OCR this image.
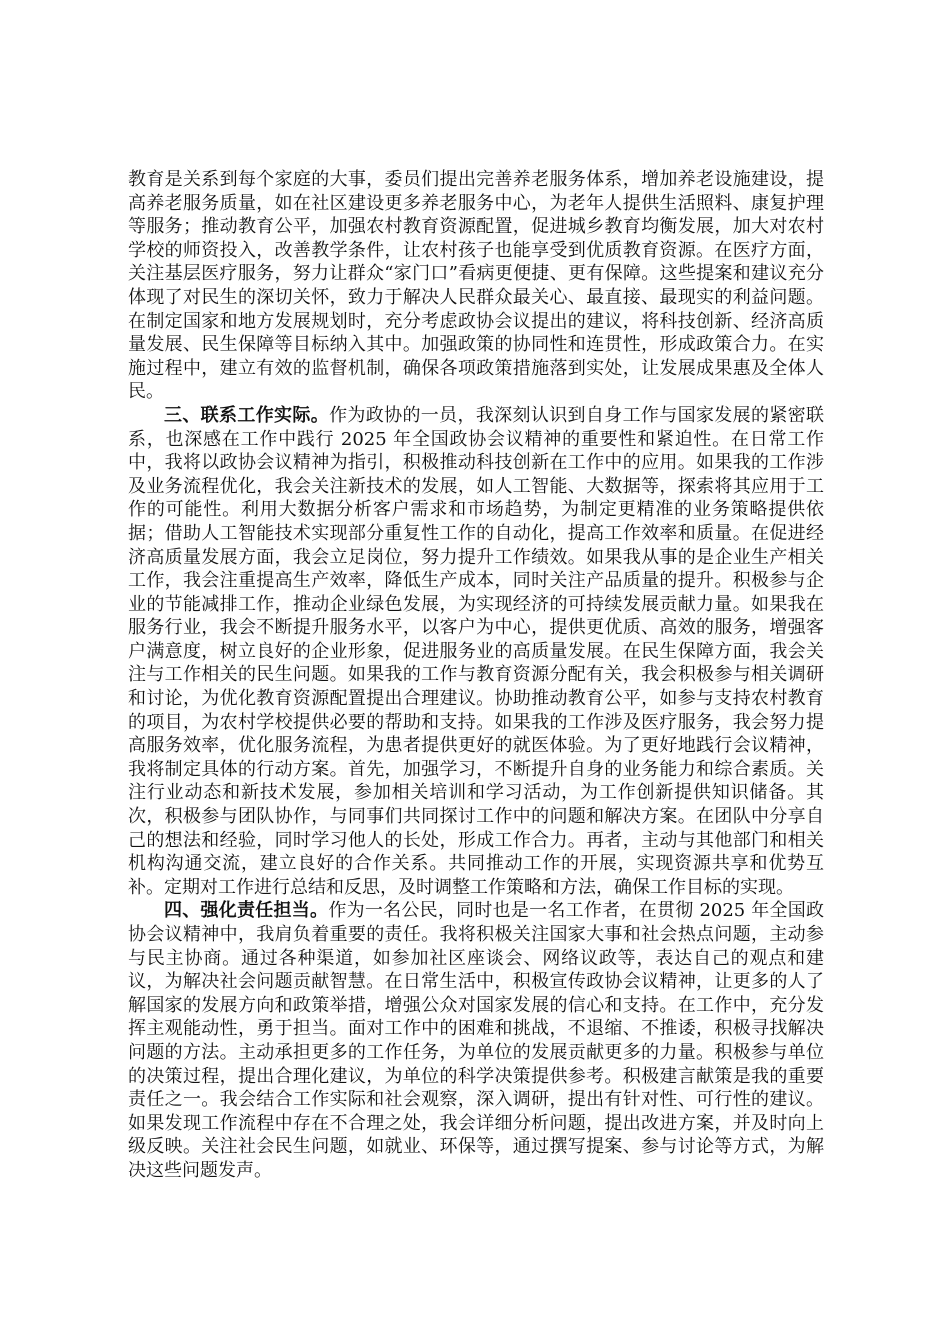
教育是关系到每个家庭的大事，委员们提出完善养老服务体系，增加养老设施建设，提高养老服务质量，如在社区建设更多养老服务中心，为老年人提供生活照料、康复护理等服务；推动教育公平，加强农村教育资源配置，促进城乡教育均衡发展，加大对农村学校的师资投入，改善教学条件，让农村孩子也能享受到优质教育资源。在医疗方面，关注基层医疗服务，努力让群众“家门口”看病更便捷、更有保障。这些提案和建议充分体现了对民生的深切关怀，致力于解决人民群众最关心、最直接、最现实的利益问题。在制定国家和地方发展规划时，充分考虑政协会议提出的建议，将科技创新、经济高质量发展、民生保障等目标纳入其中。加强政策的协同性和连贯性，形成政策合力。在实施过程中，建立有效的监督机制，确保各项政策措施落到实处，让发展成果惠及全体人民。

三、联系工作实际。作为政协的一员，我深刻认识到自身工作与国家发展的紧密联系，也深感在工作中践行 2025 年全国政协会议精神的重要性和紧迫性。在日常工作中，我将以政协会议精神为指引，积极推动科技创新在工作中的应用。如果我的工作涉及业务流程优化，我会关注新技术的发展，如人工智能、大数据等，探索将其应用于工作的可能性。利用大数据分析客户需求和市场趋势，为制定更精准的业务策略提供依据；借助人工智能技术实现部分重复性工作的自动化，提高工作效率和质量。在促进经济高质量发展方面，我会立足岗位，努力提升工作绩效。如果我从事的是企业生产相关工作，我会注重提高生产效率，降低生产成本，同时关注产品质量的提升。积极参与企业的节能减排工作，推动企业绿色发展，为实现经济的可持续发展贡献力量。如果我在服务行业，我会不断提升服务水平，以客户为中心，提供更优质、高效的服务，增强客户满意度，树立良好的企业形象，促进服务业的高质量发展。在民生保障方面，我会关注与工作相关的民生问题。如果我的工作与教育资源分配有关，我会积极参与相关调研和讨论，为优化教育资源配置提出合理建议。协助推动教育公平，如参与支持农村教育的项目，为农村学校提供必要的帮助和支持。如果我的工作涉及医疗服务，我会努力提高服务效率，优化服务流程，为患者提供更好的就医体验。为了更好地践行会议精神，我将制定具体的行动方案。首先，加强学习，不断提升自身的业务能力和综合素质。关注行业动态和新技术发展，参加相关培训和学习活动，为工作创新提供知识储备。其次，积极参与团队协作，与同事们共同探讨工作中的问题和解决方案。在团队中分享自己的想法和经验，同时学习他人的长处，形成工作合力。再者，主动与其他部门和相关机构沟通交流，建立良好的合作关系。共同推动工作的开展，实现资源共享和优势互补。定期对工作进行总结和反思，及时调整工作策略和方法，确保工作目标的实现。

四、强化责任担当。作为一名公民，同时也是一名工作者，在贯彻 2025 年全国政协会议精神中，我肩负着重要的责任。我将积极关注国家大事和社会热点问题，主动参与民主协商。通过各种渠道，如参加社区座谈会、网络议政等，表达自己的观点和建议，为解决社会问题贡献智慧。在日常生活中，积极宣传政协会议精神，让更多的人了解国家的发展方向和政策举措，增强公众对国家发展的信心和支持。在工作中，充分发挥主观能动性，勇于担当。面对工作中的困难和挑战，不退缩、不推诿，积极寻找解决问题的方法。主动承担更多的工作任务，为单位的发展贡献更多的力量。积极参与单位的决策过程，提出合理化建议，为单位的科学决策提供参考。积极建言献策是我的重要责任之一。我会结合工作实际和社会观察，深入调研，提出有针对性、可行性的建议。如果发现工作流程中存在不合理之处，我会详细分析问题，提出改进方案，并及时向上级反映。关注社会民生问题，如就业、环保等，通过撰写提案、参与讨论等方式，为解决这些问题发声。
